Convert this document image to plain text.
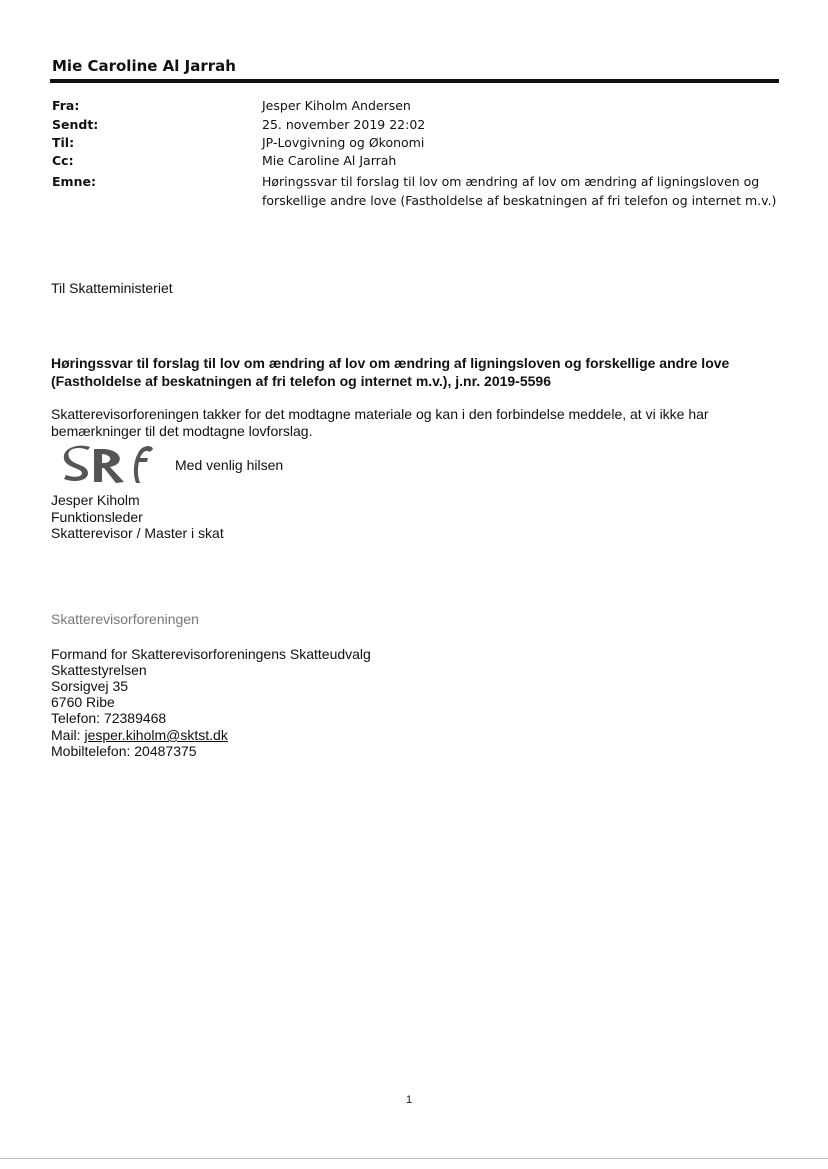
Mie Caroline Al Jarrah
Fra:	Jesper Kiholm Andersen
Sendt:	25. november 2019 22:02
Til:	JP-Lovgivning og Økonomi
Cc:	Mie Caroline Al Jarrah
Emne:	Høringssvar til forslag til lov om ændring af lov om ændring af ligningsloven og
forskellige andre love (Fastholdelse af beskatningen af fri telefon og internet m.v.)
Til Skatteministeriet
Høringssvar til forslag til lov om ændring af lov om ændring af ligningsloven og forskellige andre love
(Fastholdelse af beskatningen af fri telefon og internet m.v.), j.nr. 2019-5596
Skatterevisorforeningen takker for det modtagne materiale og kan i den forbindelse meddele, at vi ikke har
bemærkninger til det modtagne lovforslag.
Med venlig hilsen
Jesper Kiholm
Funktionsleder
Skatterevisor / Master i skat
Skatterevisorforeningen
Formand for Skatterevisorforeningens Skatteudvalg
Skattestyrelsen
Sorsigvej 35
6760 Ribe
Telefon: 72389468
Mail: jesper.kiholm@sktst.dk
Mobiltelefon: 20487375
1
